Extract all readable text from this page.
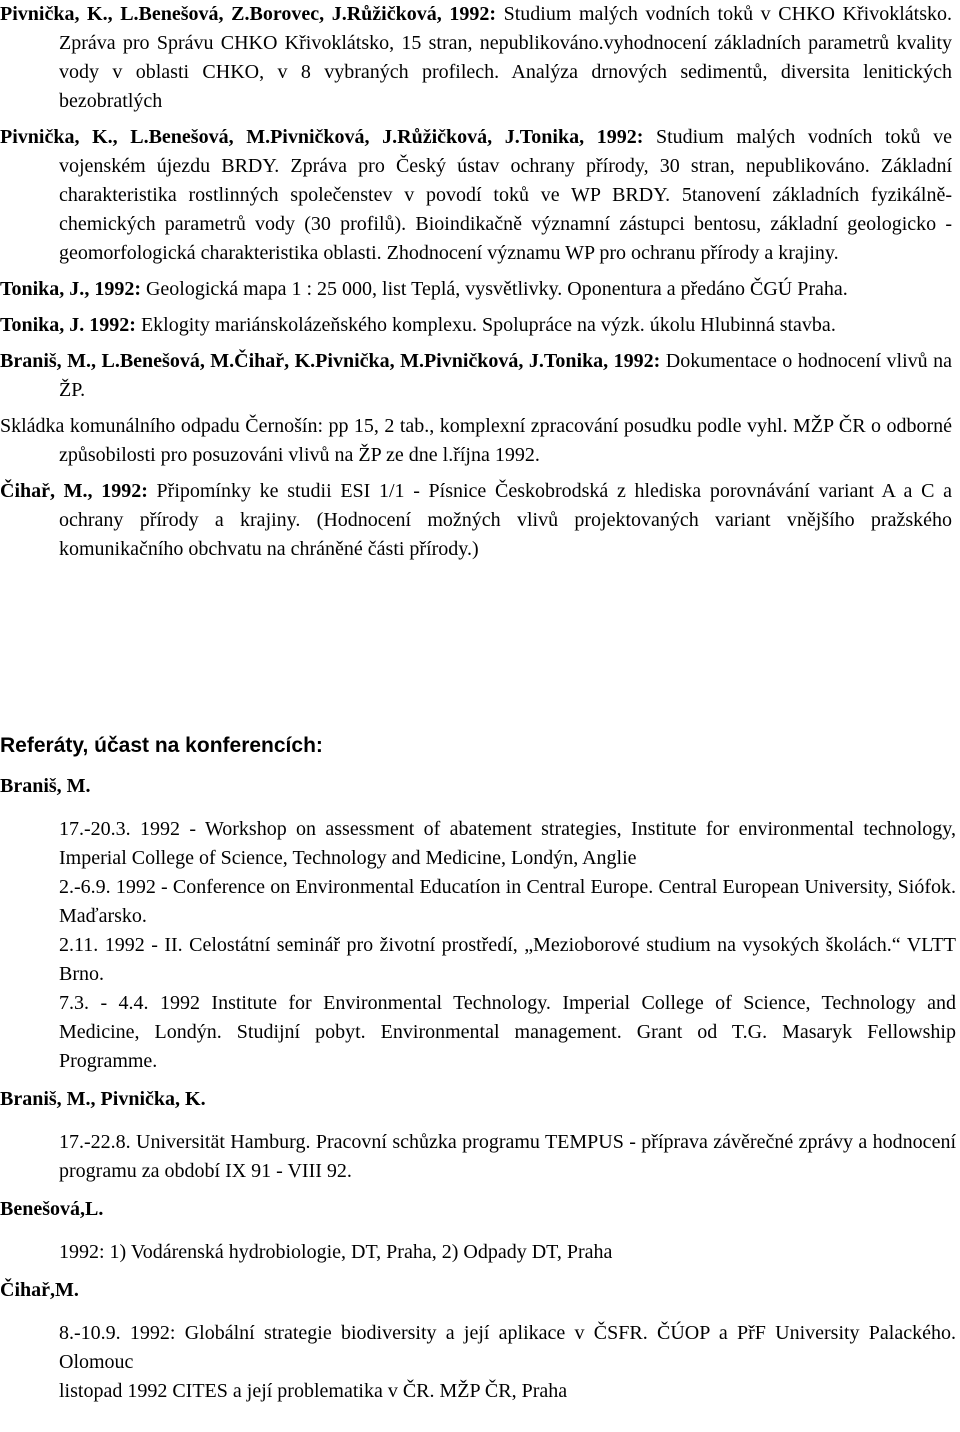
Pivnička, K., L.Benešová, Z.Borovec, J.Růžičková, 1992: Studium malých vodních toků v CHKO Křivoklátsko. Zpráva pro Správu CHKO Křivoklátsko, 15 stran, nepublikováno.vyhodnocení základních parametrů kvality vody v oblasti CHKO, v 8 vybraných profilech. Analýza drnových sedimentů, diversita lenitických bezobratlých

Pivnička, K., L.Benešová, M.Pivničková, J.Růžičková, J.Tonika, 1992: Studium malých vodních toků ve vojenském újezdu BRDY. Zpráva pro Český ústav ochrany přírody, 30 stran, nepublikováno. Základní charakteristika rostlinných společenstev v povodí toků ve WP BRDY. 5tanovení základních fyzikálně-chemických parametrů vody (30 profilů). Bioindikačně významní zástupci bentosu, základní geologicko -geomorfologická charakteristika oblasti. Zhodnocení významu WP pro ochranu přírody a krajiny.

Tonika, J., 1992: Geologická mapa 1 : 25 000, list Teplá, vysvětlivky. Oponentura a předáno ČGÚ Praha.

Tonika, J. 1992: Eklogity mariánskolázeňského komplexu. Spolupráce na výzk. úkolu Hlubinná stavba.

Braniš, M., L.Benešová, M.Čihař, K.Pivnička, M.Pivničková, J.Tonika, 1992: Dokumentace o hodnocení vlivů na ŽP.

Skládka komunálního odpadu Černošín: pp 15, 2 tab., komplexní zpracování posudku podle vyhl. MŽP ČR o odborné způsobilosti pro posuzováni vlivů na ŽP ze dne l.října 1992.

Čihař, M., 1992: Připomínky ke studii ESI 1/1 - Písnice Českobrodská z hlediska porovnávání variant A a C a ochrany přírody a krajiny. (Hodnocení možných vlivů projektovaných variant vnějšího pražského komunikačního obchvatu na chráněné části přírody.)

Referáty, účast na konferencích:

Braniš, M.

17.-20.3. 1992 - Workshop on assessment of abatement strategies, Institute for environmental technology, Imperial College of Science, Technology and Medicine, Londýn, Anglie

2.-6.9. 1992 - Conference on Environmental Educatíon in Central Europe. Central European University, Siófok. Maďarsko.

2.11. 1992 - II. Celostátní seminář pro životní prostředí, „Mezioborové studium na vysokých školách.“ VLTT Brno.

7.3. - 4.4. 1992 Institute for Environmental Technology. Imperial College of Science, Technology and Medicine, Londýn. Studijní pobyt. Environmental management. Grant od T.G. Masaryk Fellowship Programme.

Braniš, M., Pivnička, K.

17.-22.8. Universität Hamburg. Pracovní schůzka programu TEMPUS - příprava závěrečné zprávy a hodnocení programu za období IX 91 - VIII 92.

Benešová,L.

1992: 1) Vodárenská hydrobiologie, DT, Praha, 2) Odpady DT, Praha

Čihař,M.

8.-10.9. 1992: Globální strategie biodiversity a její aplikace v ČSFR. ČÚOP a PřF University Palackého. Olomouc

listopad 1992 CITES a její problematika v ČR. MŽP ČR, Praha
